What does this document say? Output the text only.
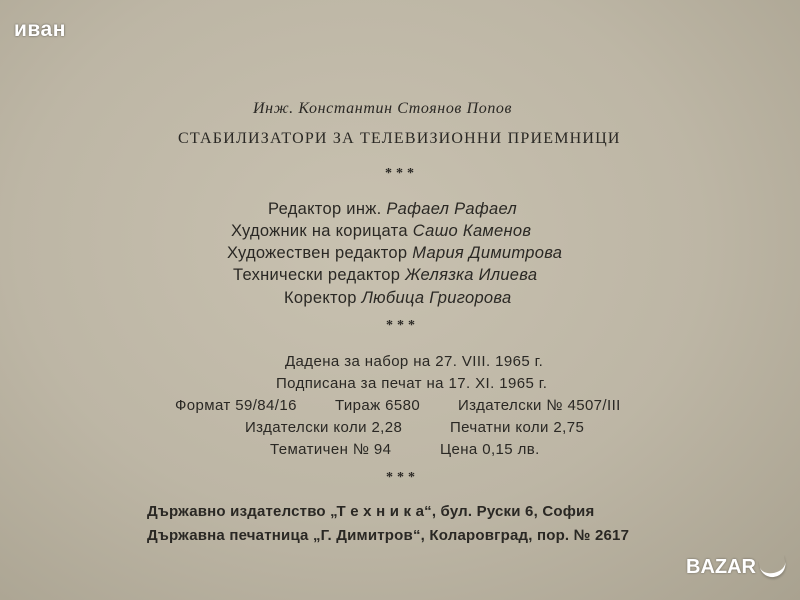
иван
Инж. Константин Стоянов Попов
СТАБИЛИЗАТОРИ ЗА ТЕЛЕВИЗИОННИ ПРИЕМНИЦИ
***
Редактор инж. Рафаел Рафаел
Художник на корицата Сашо Каменов
Художествен редактор Мария Димитрова
Технически редактор Желязка Илиева
Коректор Любица Григорова
***
Дадена за набор на 27. VIII. 1965 г.
Подписана за печат на 17. XI. 1965 г.
Формат 59/84/16	Тираж 6580	Издателски № 4507/III
Издателски коли 2,28	Печатни коли 2,75
Тематичен № 94	Цена 0,15 лв.
***
Държавно издателство „Т е х н и к а“, бул. Руски 6, София
Държавна печатница „Г. Димитров“, Коларовград, пор. № 2617
BAZAR
